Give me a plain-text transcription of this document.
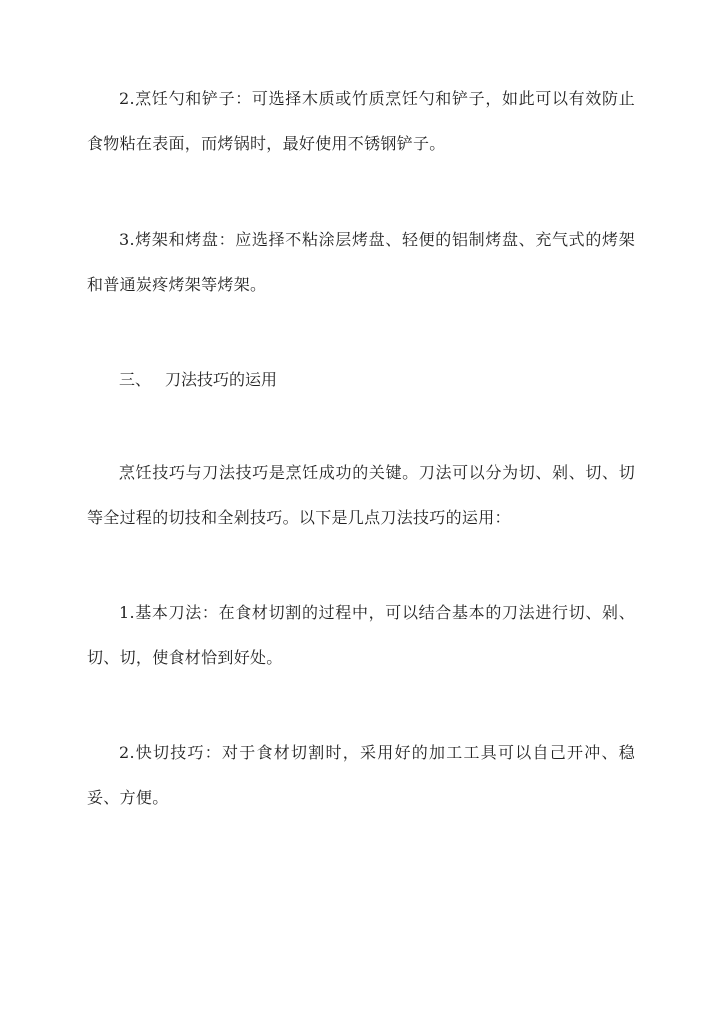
2.烹饪勺和铲子：可选择木质或竹质烹饪勺和铲子，如此可以有效防止食物粘在表面，而烤锅时，最好使用不锈钢铲子。

3.烤架和烤盘：应选择不粘涂层烤盘、轻便的铝制烤盘、充气式的烤架和普通炭疼烤架等烤架。

三、 刀法技巧的运用

烹饪技巧与刀法技巧是烹饪成功的关键。刀法可以分为切、剁、切、切等全过程的切技和全剁技巧。以下是几点刀法技巧的运用：

1.基本刀法：在食材切割的过程中，可以结合基本的刀法进行切、剁、切、切，使食材恰到好处。

2.快切技巧：对于食材切割时，采用好的加工工具可以自己开冲、稳妥、方便。
